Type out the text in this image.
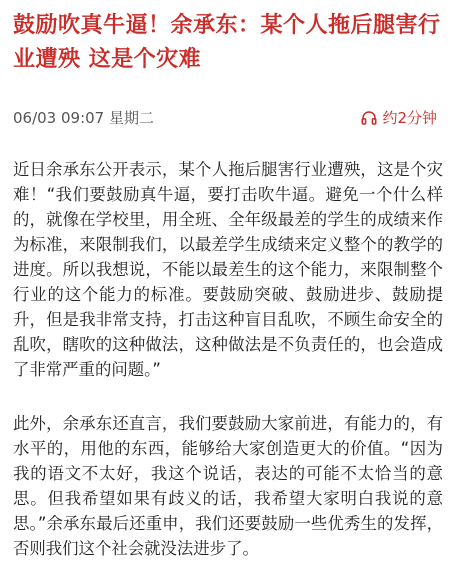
鼓励吹真牛逼！余承东：某个人拖后腿害行业遭殃 这是个灾难
06/03 09:07 星期二	约2分钟

近日余承东公开表示，某个人拖后腿害行业遭殃，这是个灾难！“我们要鼓励真牛逼，要打击吹牛逼。避免一个什么样的，就像在学校里，用全班、全年级最差的学生的成绩来作为标准，来限制我们，以最差学生成绩来定义整个的教学的进度。所以我想说，不能以最差生的这个能力，来限制整个行业的这个能力的标准。要鼓励突破、鼓励进步、鼓励提升，但是我非常支持，打击这种盲目乱吹，不顾生命安全的乱吹，瞎吹的这种做法，这种做法是不负责任的，也会造成了非常严重的问题。”

此外，余承东还直言，我们要鼓励大家前进，有能力的，有水平的，用他的东西，能够给大家创造更大的价值。“因为我的语文不太好，我这个说话，表达的可能不太恰当的意思。但我希望如果有歧义的话，我希望大家明白我说的意思。”余承东最后还重申，我们还要鼓励一些优秀生的发挥，否则我们这个社会就没法进步了。
